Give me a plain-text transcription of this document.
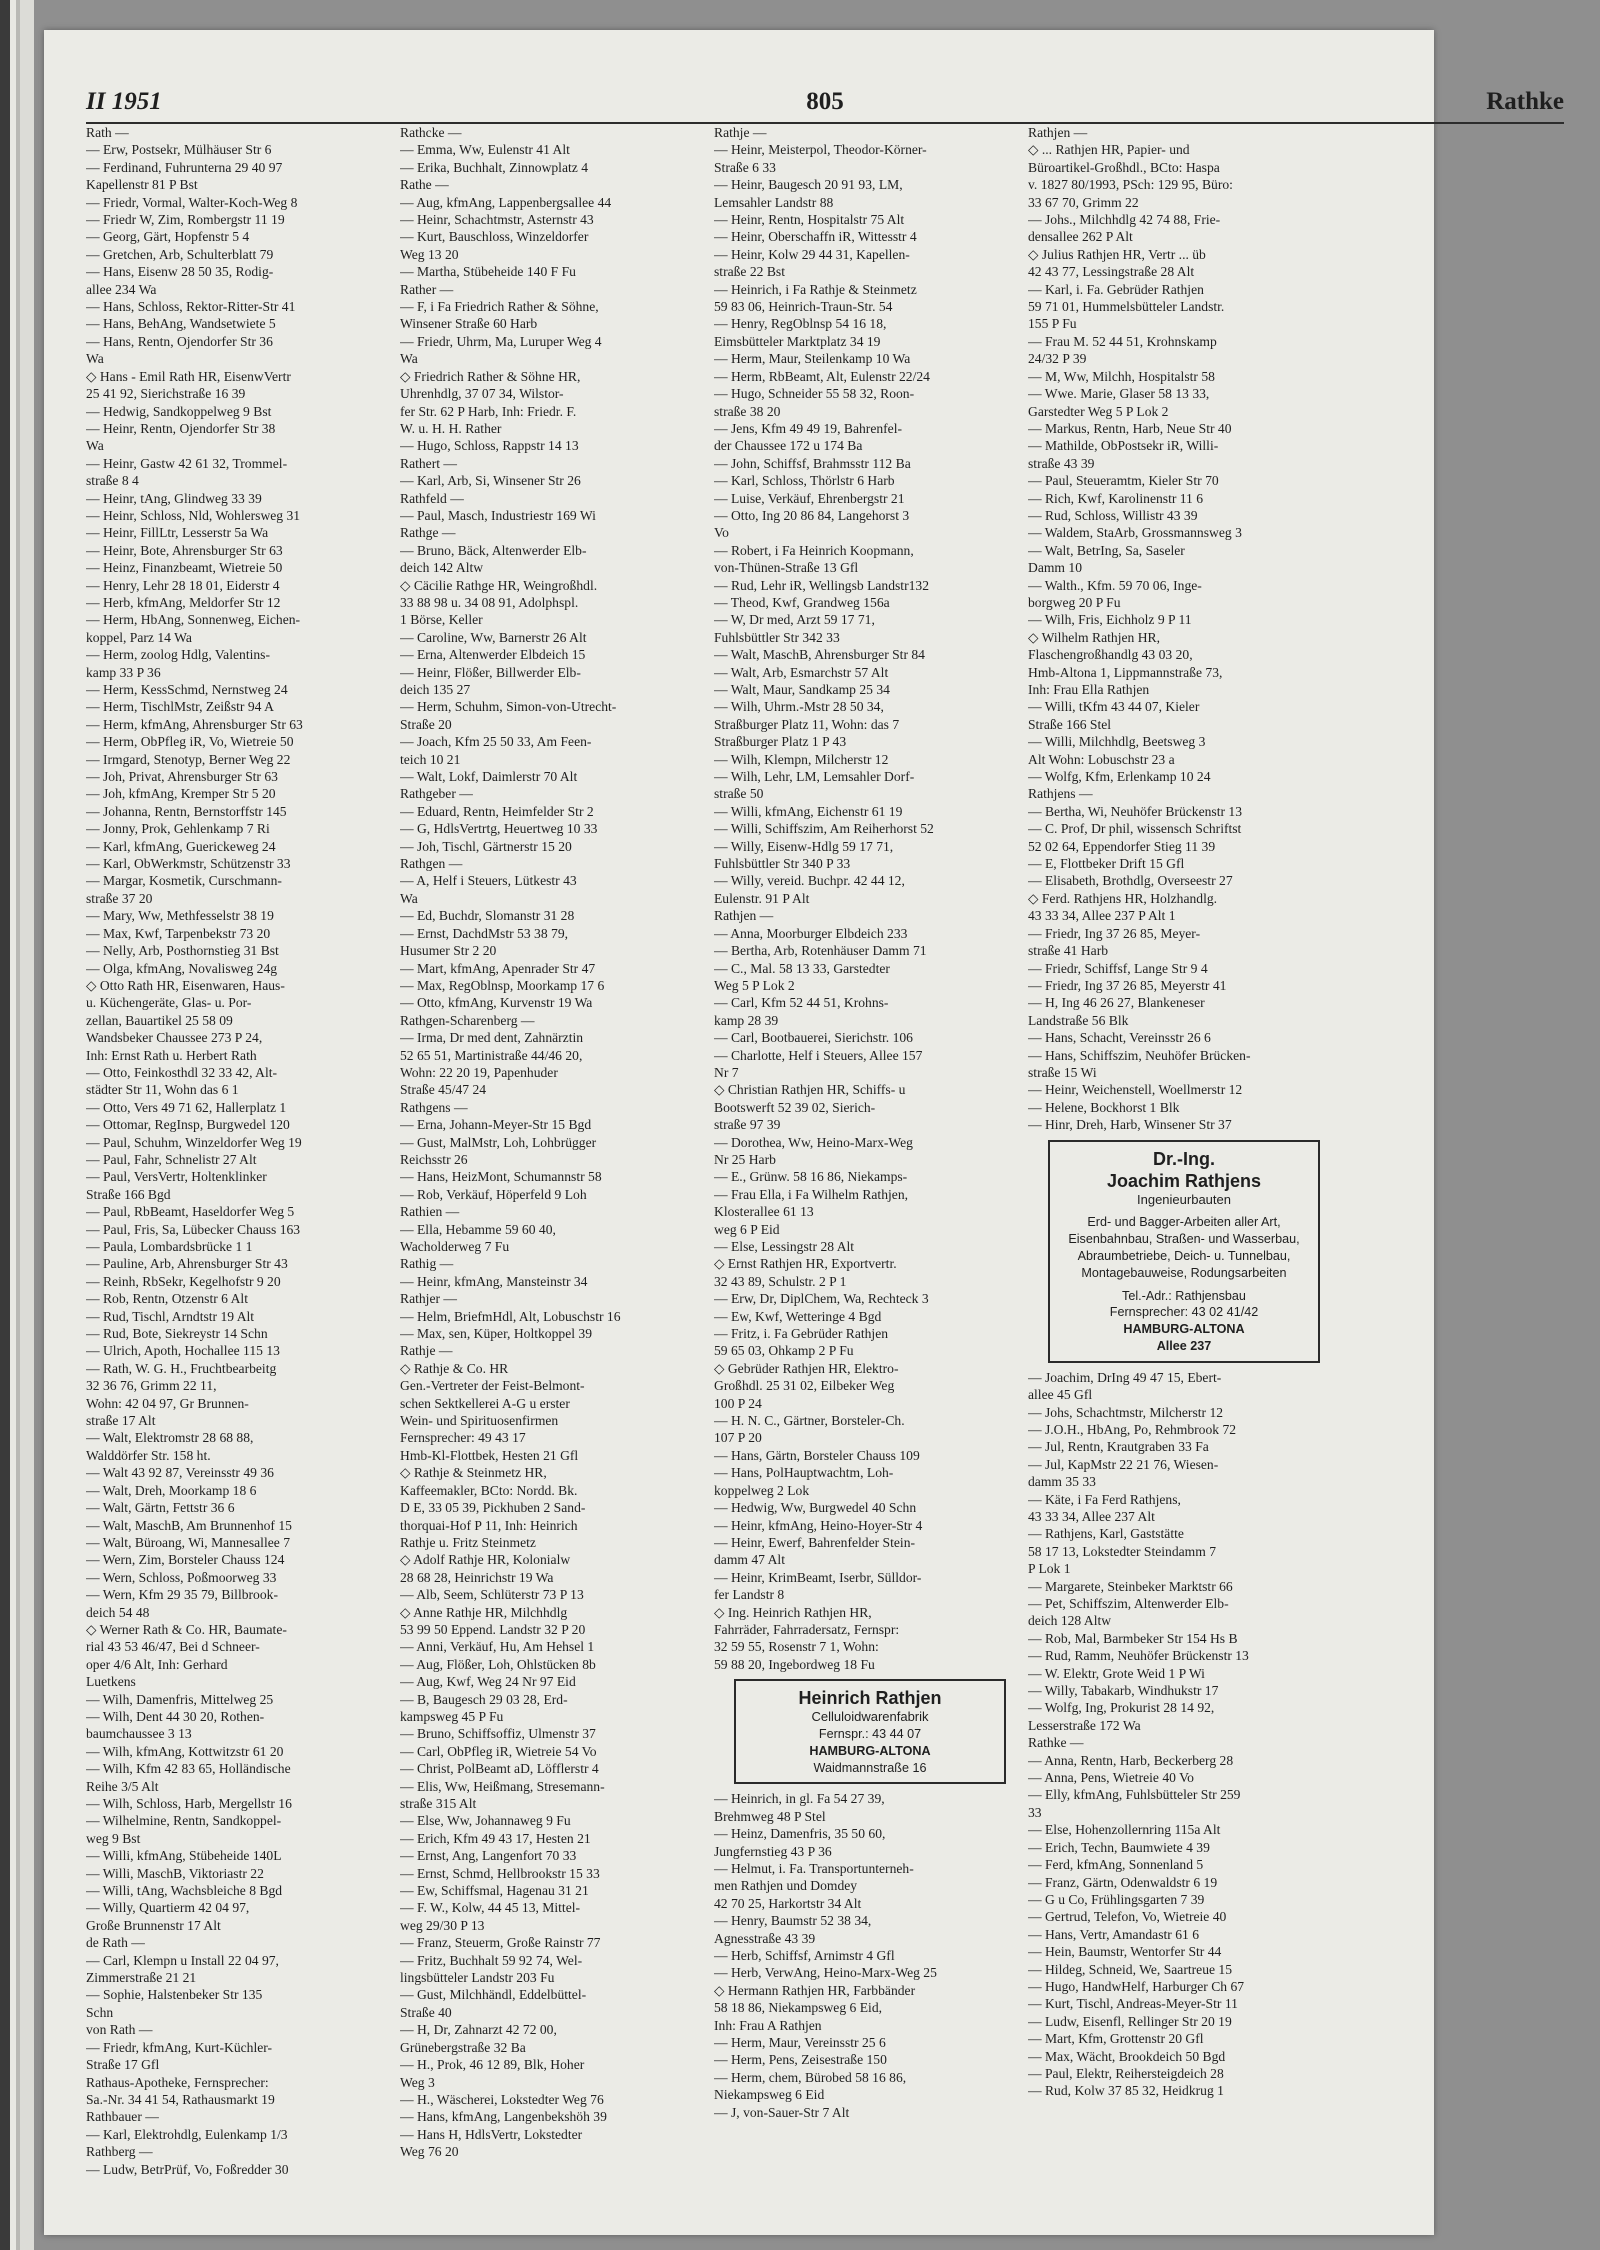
II 1951	805	Rathke
Rath —
— Erw, Postsekr, Mülhäuser Str 6
— Ferdinand, Fuhrunterna 29 40 97
Kapellenstr 81 P Bst
— Friedr, Vormal, Walter-Koch-Weg 8
— Friedr W, Zim, Rombergstr 11 19
— Georg, Gärt, Hopfenstr 5 4
— Gretchen, Arb, Schulterblatt 79
— Hans, Eisenw 28 50 35, Rodig-
allee 234 Wa
— Hans, Schloss, Rektor-Ritter-Str 41
— Hans, BehAng, Wandsetwiete 5
— Hans, Rentn, Ojendorfer Str 36
Wa
◇ Hans - Emil Rath HR, EisenwVertr
25 41 92, Sierichstraße 16 39
— Hedwig, Sandkoppelweg 9 Bst
— Heinr, Rentn, Ojendorfer Str 38
Wa
— Heinr, Gastw 42 61 32, Trommel-
straße 8 4
— Heinr, tAng, Glindweg 33 39
— Heinr, Schloss, Nld, Wohlersweg 31
— Heinr, FillLtr, Lesserstr 5a Wa
— Heinr, Bote, Ahrensburger Str 63
— Heinz, Finanzbeamt, Wietreie 50
— Henry, Lehr 28 18 01, Eiderstr 4
— Herb, kfmAng, Meldorfer Str 12
— Herm, HbAng, Sonnenweg, Eichen-
koppel, Parz 14 Wa
— Herm, zoolog Hdlg, Valentins-
kamp 33 P 36
— Herm, KessSchmd, Nernstweg 24
— Herm, TischlMstr, Zeißstr 94 A
— Herm, kfmAng, Ahrensburger Str 63
— Herm, ObPfleg iR, Vo, Wietreie 50
— Irmgard, Stenotyp, Berner Weg 22
— Joh, Privat, Ahrensburger Str 63
— Joh, kfmAng, Kremper Str 5 20
— Johanna, Rentn, Bernstorffstr 145
— Jonny, Prok, Gehlenkamp 7 Ri
— Karl, kfmAng, Guerickeweg 24
— Karl, ObWerkmstr, Schützenstr 33
— Margar, Kosmetik, Curschmann-
straße 37 20
— Mary, Ww, Methfesselstr 38 19
— Max, Kwf, Tarpenbekstr 73 20
— Nelly, Arb, Posthornstieg 31 Bst
— Olga, kfmAng, Novalisweg 24g
◇ Otto Rath HR, Eisenwaren, Haus-
u. Küchengeräte, Glas- u. Por-
zellan, Bauartikel 25 58 09
Wandsbeker Chaussee 273 P 24,
Inh: Ernst Rath u. Herbert Rath
— Otto, Feinkosthdl 32 33 42, Alt-
städter Str 11, Wohn das 6 1
— Otto, Vers 49 71 62, Hallerplatz 1
— Ottomar, RegInsp, Burgwedel 120
— Paul, Schuhm, Winzeldorfer Weg 19
— Paul, Fahr, Schnelistr 27 Alt
— Paul, VersVertr, Holtenklinker
Straße 166 Bgd
— Paul, RbBeamt, Haseldorfer Weg 5
— Paul, Fris, Sa, Lübecker Chauss 163
— Paula, Lombardsbrücke 1 1
— Pauline, Arb, Ahrensburger Str 43
— Reinh, RbSekr, Kegelhofstr 9 20
— Rob, Rentn, Otzenstr 6 Alt
— Rud, Tischl, Arndtstr 19 Alt
— Rud, Bote, Siekreystr 14 Schn
— Ulrich, Apoth, Hochallee 115 13
— Rath, W. G. H., Fruchtbearbeitg
32 36 76, Grimm 22 11,
Wohn: 42 04 97, Gr Brunnen-
straße 17 Alt
— Walt, Elektromstr 28 68 88,
Walddörfer Str. 158 ht.
— Walt 43 92 87, Vereinsstr 49 36
— Walt, Dreh, Moorkamp 18 6
— Walt, Gärtn, Fettstr 36 6
— Walt, MaschB, Am Brunnenhof 15
— Walt, Büroang, Wi, Mannesallee 7
— Wern, Zim, Borsteler Chauss 124
— Wern, Schloss, Poßmoorweg 33
— Wern, Kfm 29 35 79, Billbrook-
deich 54 48
◇ Werner Rath & Co. HR, Baumate-
rial 43 53 46/47, Bei d Schneer-
oper 4/6 Alt, Inh: Gerhard
Luetkens
— Wilh, Damenfris, Mittelweg 25
— Wilh, Dent 44 30 20, Rothen-
baumchaussee 3 13
— Wilh, kfmAng, Kottwitzstr 61 20
— Wilh, Kfm 42 83 65, Holländische
Reihe 3/5 Alt
— Wilh, Schloss, Harb, Mergellstr 16
— Wilhelmine, Rentn, Sandkoppel-
weg 9 Bst
— Willi, kfmAng, Stübeheide 140L
— Willi, MaschB, Viktoriastr 22
— Willi, tAng, Wachsbleiche 8 Bgd
— Willy, Quartierm 42 04 97,
Große Brunnenstr 17 Alt
de Rath —
— Carl, Klempn u Install 22 04 97,
Zimmerstraße 21 21
— Sophie, Halstenbeker Str 135
Schn
von Rath —
— Friedr, kfmAng, Kurt-Küchler-
Straße 17 Gfl
Rathaus-Apotheke, Fernsprecher:
Sa.-Nr. 34 41 54, Rathausmarkt 19
Rathbauer —
— Karl, Elektrohdlg, Eulenkamp 1/3
Rathberg —
— Ludw, BetrPrüf, Vo, Foßredder 30
Rathcke —
— Emma, Ww, Eulenstr 41 Alt
— Erika, Buchhalt, Zinnowplatz 4
Rathe —
— Aug, kfmAng, Lappenbergsallee 44
— Heinr, Schachtmstr, Asternstr 43
— Kurt, Bauschloss, Winzeldorfer
Weg 13 20
— Martha, Stübeheide 140 F Fu
Rather —
— F, i Fa Friedrich Rather & Söhne,
Winsener Straße 60 Harb
— Friedr, Uhrm, Ma, Luruper Weg 4
Wa
◇ Friedrich Rather & Söhne HR,
Uhrenhdlg, 37 07 34, Wilstor-
fer Str. 62 P Harb, Inh: Friedr. F.
W. u. H. H. Rather
— Hugo, Schloss, Rappstr 14 13
Rathert —
— Karl, Arb, Si, Winsener Str 26
Rathfeld —
— Paul, Masch, Industriestr 169 Wi
Rathge —
— Bruno, Bäck, Altenwerder Elb-
deich 142 Altw
◇ Cäcilie Rathge HR, Weingroßhdl.
33 88 98 u. 34 08 91, Adolphspl.
1 Börse, Keller
— Caroline, Ww, Barnerstr 26 Alt
— Erna, Altenwerder Elbdeich 15
— Heinr, Flößer, Billwerder Elb-
deich 135 27
— Herm, Schuhm, Simon-von-Utrecht-
Straße 20
— Joach, Kfm 25 50 33, Am Feen-
teich 10 21
— Walt, Lokf, Daimlerstr 70 Alt
Rathgeber —
— Eduard, Rentn, Heimfelder Str 2
— G, HdlsVertrtg, Heuertweg 10 33
— Joh, Tischl, Gärtnerstr 15 20
Rathgen —
— A, Helf i Steuers, Lütkestr 43
Wa
— Ed, Buchdr, Slomanstr 31 28
— Ernst, DachdMstr 53 38 79,
Husumer Str 2 20
— Mart, kfmAng, Apenrader Str 47
— Max, RegOblnsp, Moorkamp 17 6
— Otto, kfmAng, Kurvenstr 19 Wa
Rathgen-Scharenberg —
— Irma, Dr med dent, Zahnärztin
52 65 51, Martinistraße 44/46 20,
Wohn: 22 20 19, Papenhuder
Straße 45/47 24
Rathgens —
— Erna, Johann-Meyer-Str 15 Bgd
— Gust, MalMstr, Loh, Lohbrügger
Reichsstr 26
— Hans, HeizMont, Schumannstr 58
— Rob, Verkäuf, Höperfeld 9 Loh
Rathien —
— Ella, Hebamme 59 60 40,
Wacholderweg 7 Fu
Rathig —
— Heinr, kfmAng, Mansteinstr 34
Rathjer —
— Helm, BriefmHdl, Alt, Lobuschstr 16
— Max, sen, Küper, Holtkoppel 39
Rathje —
◇ Rathje & Co. HR
Gen.-Vertreter der Feist-Belmont-
schen Sektkellerei A-G u erster
Wein- und Spirituosenfirmen
Fernsprecher: 49 43 17
Hmb-Kl-Flottbek, Hesten 21 Gfl
◇ Rathje & Steinmetz HR,
Kaffeemakler, BCto: Nordd. Bk.
D E, 33 05 39, Pickhuben 2 Sand-
thorquai-Hof P 11, Inh: Heinrich
Rathje u. Fritz Steinmetz
◇ Adolf Rathje HR, Kolonialw
28 68 28, Heinrichstr 19 Wa
— Alb, Seem, Schlüterstr 73 P 13
◇ Anne Rathje HR, Milchhdlg
53 99 50 Eppend. Landstr 32 P 20
— Anni, Verkäuf, Hu, Am Hehsel 1
— Aug, Flößer, Loh, Ohlstücken 8b
— Aug, Kwf, Weg 24 Nr 97 Eid
— B, Baugesch 29 03 28, Erd-
kampsweg 45 P Fu
— Bruno, Schiffsoffiz, Ulmenstr 37
— Carl, ObPfleg iR, Wietreie 54 Vo
— Christ, PolBeamt aD, Löfflerstr 4
— Elis, Ww, Heißmang, Stresemann-
straße 315 Alt
— Else, Ww, Johannaweg 9 Fu
— Erich, Kfm 49 43 17, Hesten 21
— Ernst, Ang, Langenfort 70 33
— Ernst, Schmd, Hellbrookstr 15 33
— Ew, Schiffsmal, Hagenau 31 21
— F. W., Kolw, 44 45 13, Mittel-
weg 29/30 P 13
— Franz, Steuerm, Große Rainstr 77
— Fritz, Buchhalt 59 92 74, Wel-
lingsbütteler Landstr 203 Fu
— Gust, Milchhändl, Eddelbüttel-
Straße 40
— H, Dr, Zahnarzt 42 72 00,
Grünebergstraße 32 Ba
— H., Prok, 46 12 89, Blk, Hoher
Weg 3
— H., Wäscherei, Lokstedter Weg 76
— Hans, kfmAng, Langenbekshöh 39
— Hans H, HdlsVertr, Lokstedter
Weg 76 20
Rathje —
— Heinr, Meisterpol, Theodor-Körner-
Straße 6 33
— Heinr, Baugesch 20 91 93, LM,
Lemsahler Landstr 88
— Heinr, Rentn, Hospitalstr 75 Alt
— Heinr, Oberschaffn iR, Wittesstr 4
— Heinr, Kolw 29 44 31, Kapellen-
straße 22 Bst
— Heinrich, i Fa Rathje & Steinmetz
59 83 06, Heinrich-Traun-Str. 54
— Henry, RegOblnsp 54 16 18,
Eimsbütteler Marktplatz 34 19
— Herm, Maur, Steilenkamp 10 Wa
— Herm, RbBeamt, Alt, Eulenstr 22/24
— Hugo, Schneider 55 58 32, Roon-
straße 38 20
— Jens, Kfm 49 49 19, Bahrenfel-
der Chaussee 172 u 174 Ba
— John, Schiffsf, Brahmsstr 112 Ba
— Karl, Schloss, Thörlstr 6 Harb
— Luise, Verkäuf, Ehrenbergstr 21
— Otto, Ing 20 86 84, Langehorst 3
Vo
— Robert, i Fa Heinrich Koopmann,
von-Thünen-Straße 13 Gfl
— Rud, Lehr iR, Wellingsb Landstr132
— Theod, Kwf, Grandweg 156a
— W, Dr med, Arzt 59 17 71,
Fuhlsbüttler Str 342 33
— Walt, MaschB, Ahrensburger Str 84
— Walt, Arb, Esmarchstr 57 Alt
— Walt, Maur, Sandkamp 25 34
— Wilh, Uhrm.-Mstr 28 50 34,
Straßburger Platz 11, Wohn: das 7
Straßburger Platz 1 P 43
— Wilh, Klempn, Milcherstr 12
— Wilh, Lehr, LM, Lemsahler Dorf-
straße 50
— Willi, kfmAng, Eichenstr 61 19
— Willi, Schiffszim, Am Reiherhorst 52
— Willy, Eisenw-Hdlg 59 17 71,
Fuhlsbüttler Str 340 P 33
— Willy, vereid. Buchpr. 42 44 12,
Eulenstr. 91 P Alt
Rathjen —
— Anna, Moorburger Elbdeich 233
— Bertha, Arb, Rotenhäuser Damm 71
— C., Mal. 58 13 33, Garstedter
Weg 5 P Lok 2
— Carl, Kfm 52 44 51, Krohns-
kamp 28 39
— Carl, Bootbauerei, Sierichstr. 106
— Charlotte, Helf i Steuers, Allee 157
Nr 7
◇ Christian Rathjen HR, Schiffs- u
Bootswerft 52 39 02, Sierich-
straße 97 39
— Dorothea, Ww, Heino-Marx-Weg
Nr 25 Harb
— E., Grünw. 58 16 86, Niekamps-
— Frau Ella, i Fa Wilhelm Rathjen,
Klosterallee 61 13
weg 6 P Eid
— Else, Lessingstr 28 Alt
◇ Ernst Rathjen HR, Exportvertr.
32 43 89, Schulstr. 2 P 1
— Erw, Dr, DiplChem, Wa, Rechteck 3
— Ew, Kwf, Wetteringe 4 Bgd
— Fritz, i. Fa Gebrüder Rathjen
59 65 03, Ohkamp 2 P Fu
◇ Gebrüder Rathjen HR, Elektro-
Großhdl. 25 31 02, Eilbeker Weg
100 P 24
— H. N. C., Gärtner, Borsteler-Ch.
107 P 20
— Hans, Gärtn, Borsteler Chauss 109
— Hans, PolHauptwachtm, Loh-
koppelweg 2 Lok
— Hedwig, Ww, Burgwedel 40 Schn
— Heinr, kfmAng, Heino-Hoyer-Str 4
— Heinr, Ewerf, Bahrenfelder Stein-
damm 47 Alt
— Heinr, KrimBeamt, Iserbr, Sülldor-
fer Landstr 8
◇ Ing. Heinrich Rathjen HR,
Fahrräder, Fahrradersatz, Fernspr:
32 59 55, Rosenstr 7 1, Wohn:
59 88 20, Ingebordweg 18 Fu
Heinrich Rathjen
Celluloidwarenfabrik
Fernspr.: 43 44 07
HAMBURG-ALTONA
Waidmannstraße 16
— Heinrich, in gl. Fa 54 27 39,
Brehmweg 48 P Stel
— Heinz, Damenfris, 35 50 60,
Jungfernstieg 43 P 36
— Helmut, i. Fa. Transportunterneh-
men Rathjen und Domdey
42 70 25, Harkortstr 34 Alt
— Henry, Baumstr 52 38 34,
Agnesstraße 43 39
— Herb, Schiffsf, Arnimstr 4 Gfl
— Herb, VerwAng, Heino-Marx-Weg 25
◇ Hermann Rathjen HR, Farbbänder
58 18 86, Niekampsweg 6 Eid,
Inh: Frau A Rathjen
— Herm, Maur, Vereinsstr 25 6
— Herm, Pens, Zeisestraße 150
— Herm, chem, Bürobed 58 16 86,
Niekampsweg 6 Eid
— J, von-Sauer-Str 7 Alt
Rathjen —
◇ ... Rathjen HR, Papier- und
Büroartikel-Großhdl., BCto: Haspa
v. 1827 80/1993, PSch: 129 95, Büro:
33 67 70, Grimm 22
— Johs., Milchhdlg 42 74 88, Frie-
densallee 262 P Alt
◇ Julius Rathjen HR, Vertr ... üb
42 43 77, Lessingstraße 28 Alt
— Karl, i. Fa. Gebrüder Rathjen
59 71 01, Hummelsbütteler Landstr.
155 P Fu
— Frau M. 52 44 51, Krohnskamp
24/32 P 39
— M, Ww, Milchh, Hospitalstr 58
— Wwe. Marie, Glaser 58 13 33,
Garstedter Weg 5 P Lok 2
— Markus, Rentn, Harb, Neue Str 40
— Mathilde, ObPostsekr iR, Willi-
straße 43 39
— Paul, Steueramtm, Kieler Str 70
— Rich, Kwf, Karolinenstr 11 6
— Rud, Schloss, Willistr 43 39
— Waldem, StaArb, Grossmannsweg 3
— Walt, BetrIng, Sa, Saseler
Damm 10
— Walth., Kfm. 59 70 06, Inge-
borgweg 20 P Fu
— Wilh, Fris, Eichholz 9 P 11
◇ Wilhelm Rathjen HR,
Flaschengroßhandlg 43 03 20,
Hmb-Altona 1, Lippmannstraße 73,
Inh: Frau Ella Rathjen
— Willi, tKfm 43 44 07, Kieler
Straße 166 Stel
— Willi, Milchhdlg, Beetsweg 3
Alt Wohn: Lobuschstr 23 a
— Wolfg, Kfm, Erlenkamp 10 24
Rathjens —
— Bertha, Wi, Neuhöfer Brückenstr 13
— C. Prof, Dr phil, wissensch Schriftst
52 02 64, Eppendorfer Stieg 11 39
— E, Flottbeker Drift 15 Gfl
— Elisabeth, Brothdlg, Overseestr 27
◇ Ferd. Rathjens HR, Holzhandlg.
43 33 34, Allee 237 P Alt 1
— Friedr, Ing 37 26 85, Meyer-
straße 41 Harb
— Friedr, Schiffsf, Lange Str 9 4
— Friedr, Ing 37 26 85, Meyerstr 41
— H, Ing 46 26 27, Blankeneser
Landstraße 56 Blk
— Hans, Schacht, Vereinsstr 26 6
— Hans, Schiffszim, Neuhöfer Brücken-
straße 15 Wi
— Heinr, Weichenstell, Woellmerstr 12
— Helene, Bockhorst 1 Blk
— Hinr, Dreh, Harb, Winsener Str 37
Dr.-Ing.
Joachim Rathjens
Ingenieurbauten
Erd- und Bagger-Arbeiten aller Art, Eisenbahnbau, Straßen- und Wasserbau, Abraumbetriebe, Deich- u. Tunnelbau, Montagebauweise, Rodungsarbeiten
Tel.-Adr.: Rathjensbau
Fernsprecher: 43 02 41/42
HAMBURG-ALTONA
Allee 237
— Joachim, DrIng 49 47 15, Ebert-
allee 45 Gfl
— Johs, Schachtmstr, Milcherstr 12
— J.O.H., HbAng, Po, Rehmbrook 72
— Jul, Rentn, Krautgraben 33 Fa
— Jul, KapMstr 22 21 76, Wiesen-
damm 35 33
— Käte, i Fa Ferd Rathjens,
43 33 34, Allee 237 Alt
— Rathjens, Karl, Gaststätte
58 17 13, Lokstedter Steindamm 7
P Lok 1
— Margarete, Steinbeker Marktstr 66
— Pet, Schiffszim, Altenwerder Elb-
deich 128 Altw
— Rob, Mal, Barmbeker Str 154 Hs B
— Rud, Ramm, Neuhöfer Brückenstr 13
— W. Elektr, Grote Weid 1 P Wi
— Willy, Tabakarb, Windhukstr 17
— Wolfg, Ing, Prokurist 28 14 92,
Lesserstraße 172 Wa
Rathke —
— Anna, Rentn, Harb, Beckerberg 28
— Anna, Pens, Wietreie 40 Vo
— Elly, kfmAng, Fuhlsbütteler Str 259
33
— Else, Hohenzollernring 115a Alt
— Erich, Techn, Baumwiete 4 39
— Ferd, kfmAng, Sonnenland 5
— Franz, Gärtn, Odenwaldstr 6 19
— G u Co, Frühlingsgarten 7 39
— Gertrud, Telefon, Vo, Wietreie 40
— Hans, Vertr, Amandastr 61 6
— Hein, Baumstr, Wentorfer Str 44
— Hildeg, Schneid, We, Saartreue 15
— Hugo, HandwHelf, Harburger Ch 67
— Kurt, Tischl, Andreas-Meyer-Str 11
— Ludw, Eisenfl, Rellinger Str 20 19
— Mart, Kfm, Grottenstr 20 Gfl
— Max, Wächt, Brookdeich 50 Bgd
— Paul, Elektr, Reihersteigdeich 28
— Rud, Kolw 37 85 32, Heidkrug 1
